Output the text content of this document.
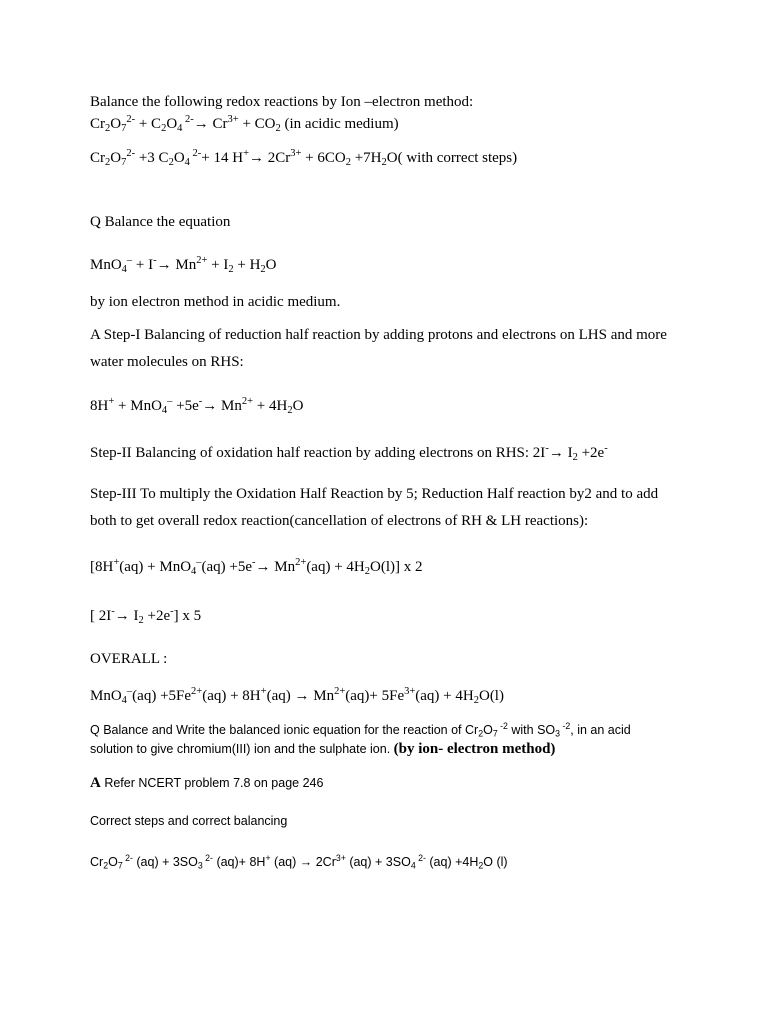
Balance the following redox reactions by Ion –electron method:
$Cr_2O_7^{2-} + C_2O_4$ $^{2-}\to Cr^{3+} + CO_2$ (in acidic medium)
$Cr_2O_7^{2-} +3$ $C_2O_4$ $^{2-}$+ 14 $H^+\to 2Cr^{3+} + 6CO_2 +7H_2O$( with correct steps)
Q Balance the equation
$MnO_4^- + I^-\to Mn^{2+} + I_2 + H_2O$
by ion electron method in acidic medium.
A Step-I Balancing of reduction half reaction by adding protons and electrons on LHS and more
water molecules on RHS:
$8H^+ + MnO_4^- +5e^-\to Mn^{2+} + 4H_2O$
Step-II Balancing of oxidation half reaction by adding electrons on RHS: $2I^-\to I_2 +2e^-$
Step-III To multiply the Oxidation Half Reaction by 5; Reduction Half reaction by2 and to add
both to get overall redox reaction(cancellation of electrons of RH & LH reactions):
$[8H^+(aq) + MnO_4^-(aq) +5e^-\to Mn^{2+}(aq) + 4H_2O(l)]$ x 2
[ $2I^-\to I_2 +2e^-$] x 5
OVERALL :
$MnO_4^-(aq) +5Fe^{2+}(aq) + 8H^+(aq) \to Mn^{2+}(aq)+ 5Fe^{3+}(aq) + 4H_2O(l)$
Q Balance and Write the balanced ionic equation for the reaction of $Cr_2O_7$ $^{-2}$ with $SO_3$ $^{-2}$, in an acid
solution to give chromium(III) ion and the sulphate ion. (by ion- electron method)
A Refer NCERT problem 7.8 on page 246
Correct steps and correct balancing
$Cr_2O_7$ $^{2-}$ $(aq) + 3SO_3$ $^{2-}$ (aq)+ 8H+ $(aq) \to 2Cr^{3+}$ $(aq) + 3SO_4$ $^{2-}$ $(aq) +4H_2O$ (l)
